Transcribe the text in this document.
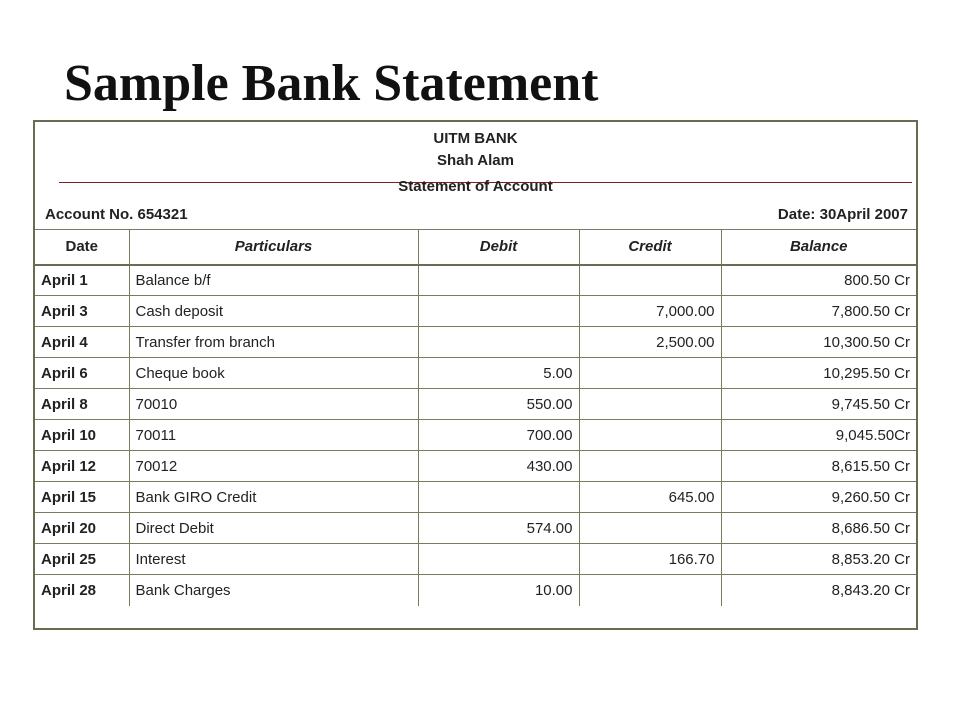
Sample Bank Statement
UITM BANK
Shah Alam
Statement of Account
Account No. 654321	Date: 30April 2007
Date	Particulars	Debit	Credit	Balance
April 1	Balance b/f			800.50 Cr
April 3	Cash deposit		7,000.00	7,800.50 Cr
April 4	Transfer from branch		2,500.00	10,300.50 Cr
April 6	Cheque book	5.00		10,295.50 Cr
April 8	70010	550.00		9,745.50 Cr
April 10	70011	700.00		9,045.50Cr
April 12	70012	430.00		8,615.50 Cr
April 15	Bank GIRO Credit		645.00	9,260.50 Cr
April 20	Direct Debit	574.00		8,686.50 Cr
April 25	Interest		166.70	8,853.20 Cr
April 28	Bank Charges	10.00		8,843.20 Cr
